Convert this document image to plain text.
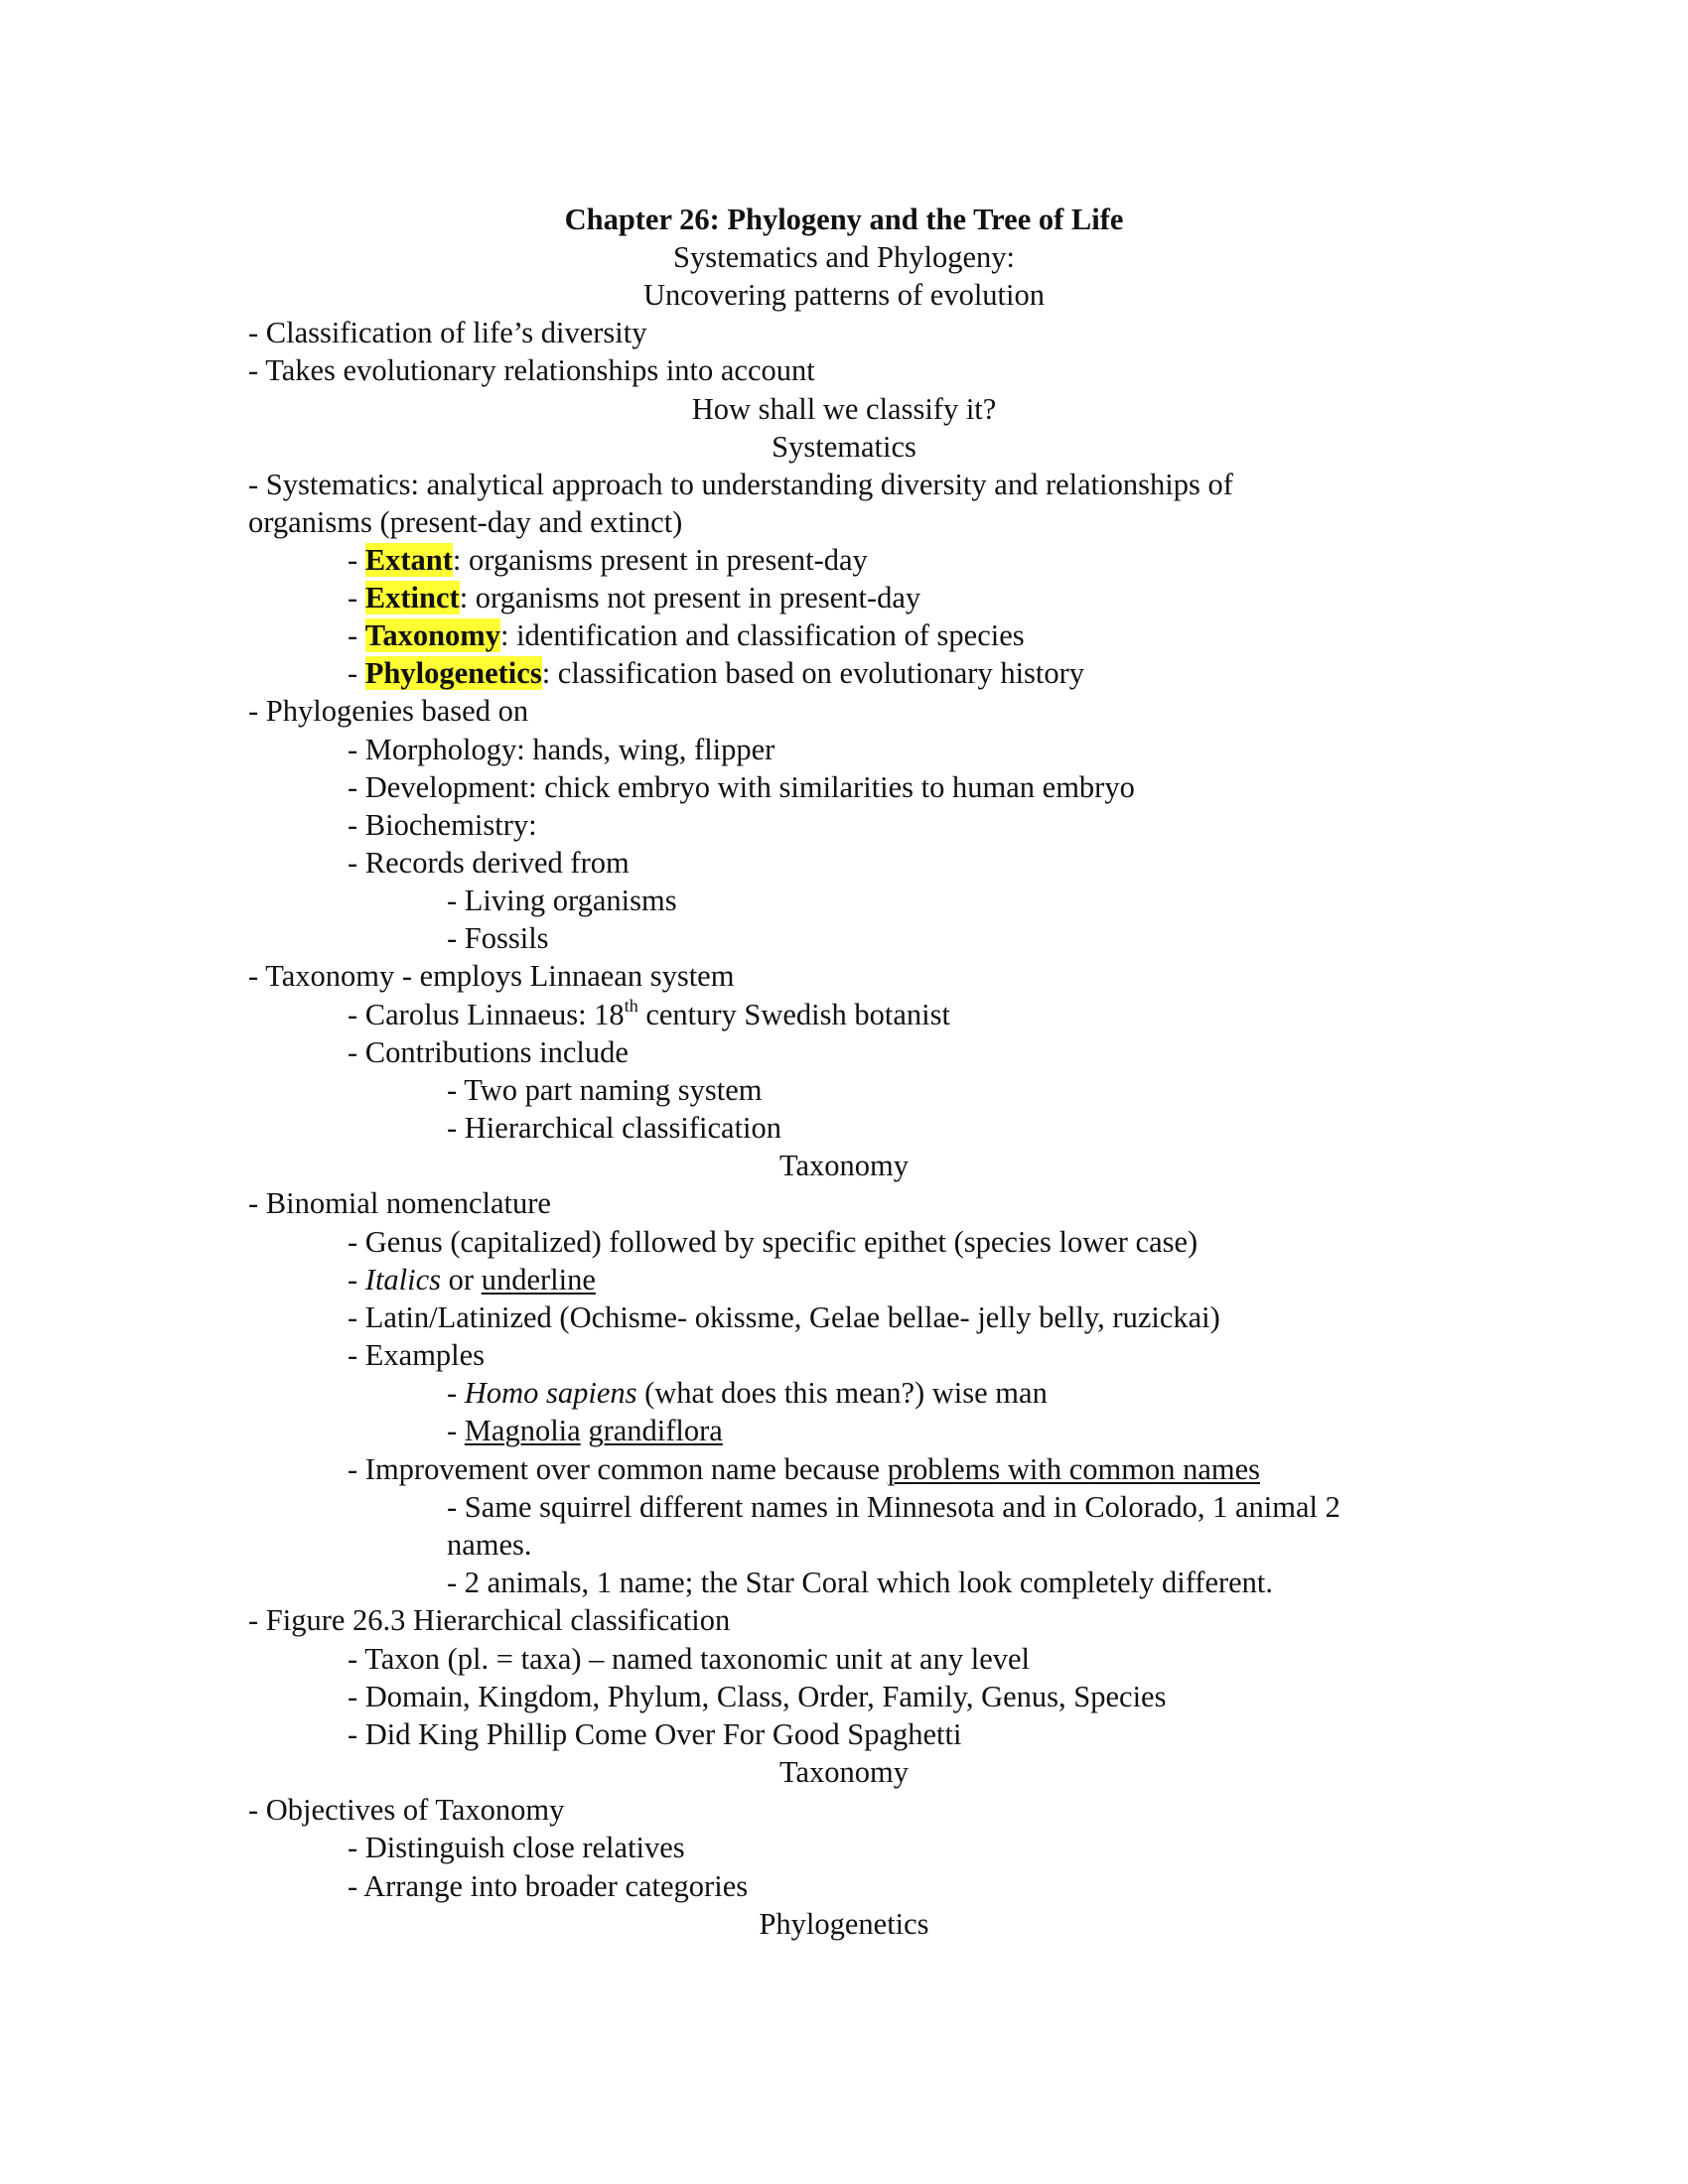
Chapter 26: Phylogeny and the Tree of Life
Systematics and Phylogeny:
Uncovering patterns of evolution
- Classification of life’s diversity
- Takes evolutionary relationships into account
How shall we classify it?
Systematics
- Systematics: analytical approach to understanding diversity and relationships of
organisms (present-day and extinct)
- Extant: organisms present in present-day
- Extinct: organisms not present in present-day
- Taxonomy: identification and classification of species
- Phylogenetics: classification based on evolutionary history
- Phylogenies based on
- Morphology: hands, wing, flipper
- Development: chick embryo with similarities to human embryo
- Biochemistry:
- Records derived from
- Living organisms
- Fossils
- Taxonomy - employs Linnaean system
- Carolus Linnaeus: 18th century Swedish botanist
- Contributions include
- Two part naming system
- Hierarchical classification
Taxonomy
- Binomial nomenclature
- Genus (capitalized) followed by specific epithet (species lower case)
- Italics or underline
- Latin/Latinized (Ochisme- okissme, Gelae bellae- jelly belly, ruzickai)
- Examples
- Homo sapiens (what does this mean?) wise man
- Magnolia grandiflora
- Improvement over common name because problems with common names
- Same squirrel different names in Minnesota and in Colorado, 1 animal 2
names.
- 2 animals, 1 name; the Star Coral which look completely different.
- Figure 26.3 Hierarchical classification
- Taxon (pl. = taxa) – named taxonomic unit at any level
- Domain, Kingdom, Phylum, Class, Order, Family, Genus, Species
- Did King Phillip Come Over For Good Spaghetti
Taxonomy
- Objectives of Taxonomy
- Distinguish close relatives
- Arrange into broader categories
Phylogenetics
